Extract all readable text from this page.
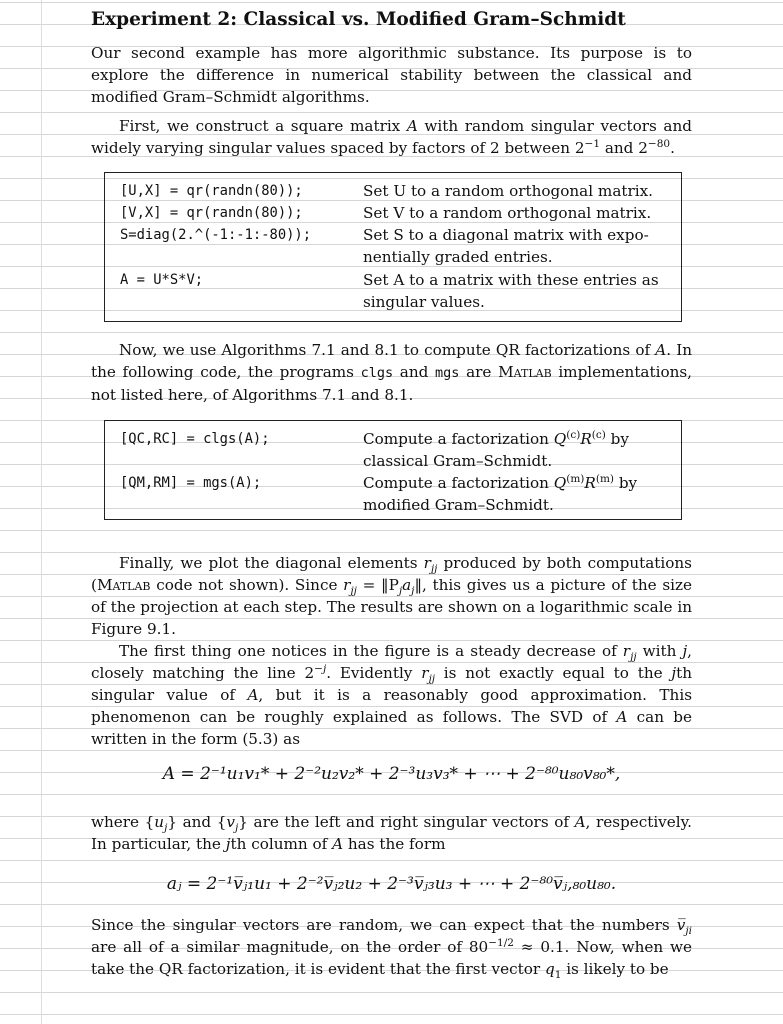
Experiment 2: Classical vs. Modified Gram–Schmidt
Our second example has more algorithmic substance. Its purpose is to explore the difference in numerical stability between the classical and modified Gram–Schmidt algorithms.
First, we construct a square matrix A with random singular vectors and widely varying singular values spaced by factors of 2 between $2^{-1}$ and $2^{-80}$.
[U,X] = qr(randn(80));	Set U to a random orthogonal matrix.
[V,X] = qr(randn(80));	Set V to a random orthogonal matrix.
S=diag(2.^(-1:-1:-80));	Set S to a diagonal matrix with expo-nentially graded entries.
A = U*S*V;	Set A to a matrix with these entries as singular values.
Now, we use Algorithms 7.1 and 8.1 to compute QR factorizations of A. In the following code, the programs clgs and mgs are Matlab implementations, not listed here, of Algorithms 7.1 and 8.1.
[QC,RC] = clgs(A);	Compute a factorization $Q^{(c)}R^{(c)}$ by classical Gram–Schmidt.
[QM,RM] = mgs(A);	Compute a factorization $Q^{(m)}R^{(m)}$ by modified Gram–Schmidt.
Finally, we plot the diagonal elements $r_{jj}$ produced by both computations (Matlab code not shown). Since $r_{jj}$ = $‖P_ja_j‖$, this gives us a picture of the size of the projection at each step. The results are shown on a logarithmic scale in Figure 9.1.
The first thing one notices in the figure is a steady decrease of $r_{jj}$ with j, closely matching the line $2^{-j}$. Evidently $r_{jj}$ is not exactly equal to the jth singular value of A, but it is a reasonably good approximation. This phenomenon can be roughly explained as follows. The SVD of A can be written in the form (5.3) as
A = 2⁻¹u₁v₁* + 2⁻²u₂v₂* + 2⁻³u₃v₃* + ⋯ + 2⁻⁸⁰u₈₀v₈₀*,
where $\{u_j\}$ and $\{v_j\}$ are the left and right singular vectors of A, respectively. In particular, the jth column of A has the form
aⱼ = 2⁻¹v̅ⱼ₁u₁ + 2⁻²v̅ⱼ₂u₂ + 2⁻³v̅ⱼ₃u₃ + ⋯ + 2⁻⁸⁰v̅ⱼ,₈₀u₈₀.
Since the singular vectors are random, we can expect that the numbers $v̅_{ji}$ are all of a similar magnitude, on the order of $80^{-1/2} \approx 0.1$. Now, when we take the QR factorization, it is evident that the first vector $q_1$ is likely to be
